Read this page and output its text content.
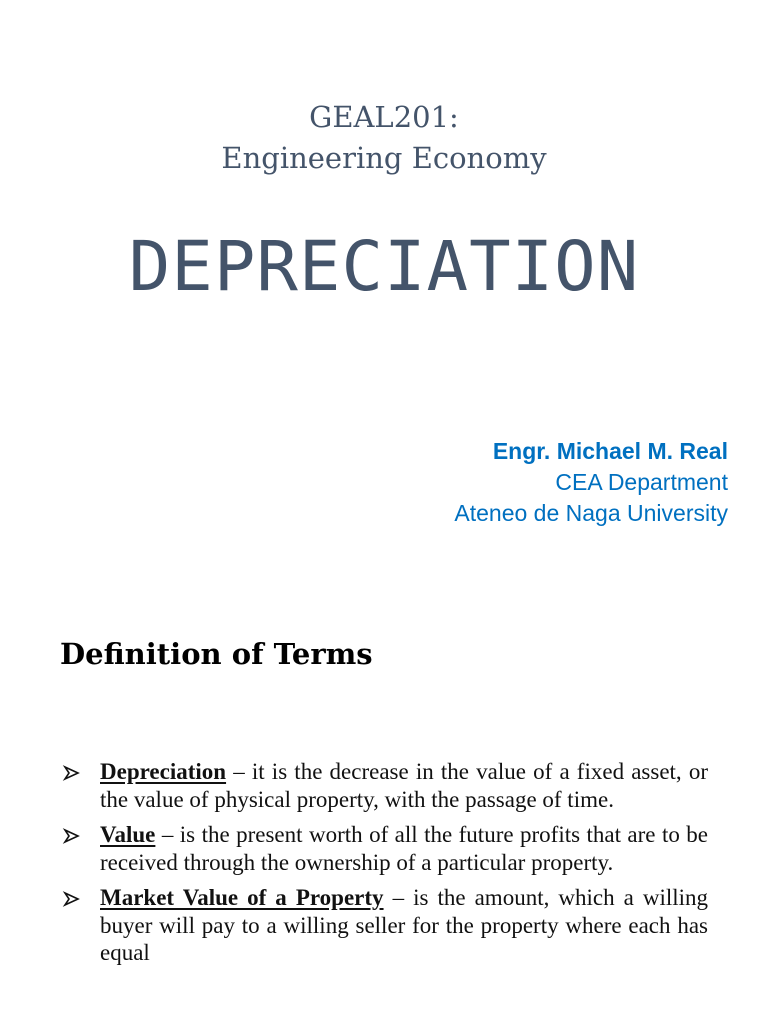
GEAL201:
Engineering Economy
DEPRECIATION
Engr. Michael M. Real
CEA Department
Ateneo de Naga University
Definition of Terms
Depreciation – it is the decrease in the value of a fixed asset, or the value of physical property, with the passage of time.
Value – is the present worth of all the future profits that are to be received through the ownership of a particular property.
Market Value of a Property – is the amount, which a willing buyer will pay to a willing seller for the property where each has equal
